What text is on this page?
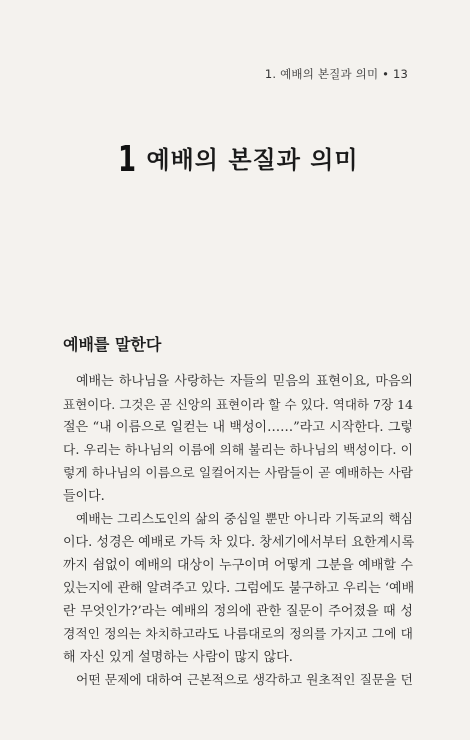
1. 예배의 본질과 의미 • 13
1 예배의 본질과 의미
예배를 말한다

예배는 하나님을 사랑하는 자들의 믿음의 표현이요, 마음의
표현이다. 그것은 곧 신앙의 표현이라 할 수 있다. 역대하 7장 14
절은 “내 이름으로 일컫는 내 백성이……”라고 시작한다. 그렇
다. 우리는 하나님의 이름에 의해 불리는 하나님의 백성이다. 이
렇게 하나님의 이름으로 일컬어지는 사람들이 곧 예배하는 사람
들이다.

예배는 그리스도인의 삶의 중심일 뿐만 아니라 기독교의 핵심
이다. 성경은 예배로 가득 차 있다. 창세기에서부터 요한계시록
까지 쉼없이 예배의 대상이 누구이며 어떻게 그분을 예배할 수
있는지에 관해 알려주고 있다. 그럼에도 불구하고 우리는 ‘예배
란 무엇인가?’라는 예배의 정의에 관한 질문이 주어졌을 때 성
경적인 정의는 차치하고라도 나름대로의 정의를 가지고 그에 대
해 자신 있게 설명하는 사람이 많지 않다.

어떤 문제에 대하여 근본적으로 생각하고 원초적인 질문을 던
